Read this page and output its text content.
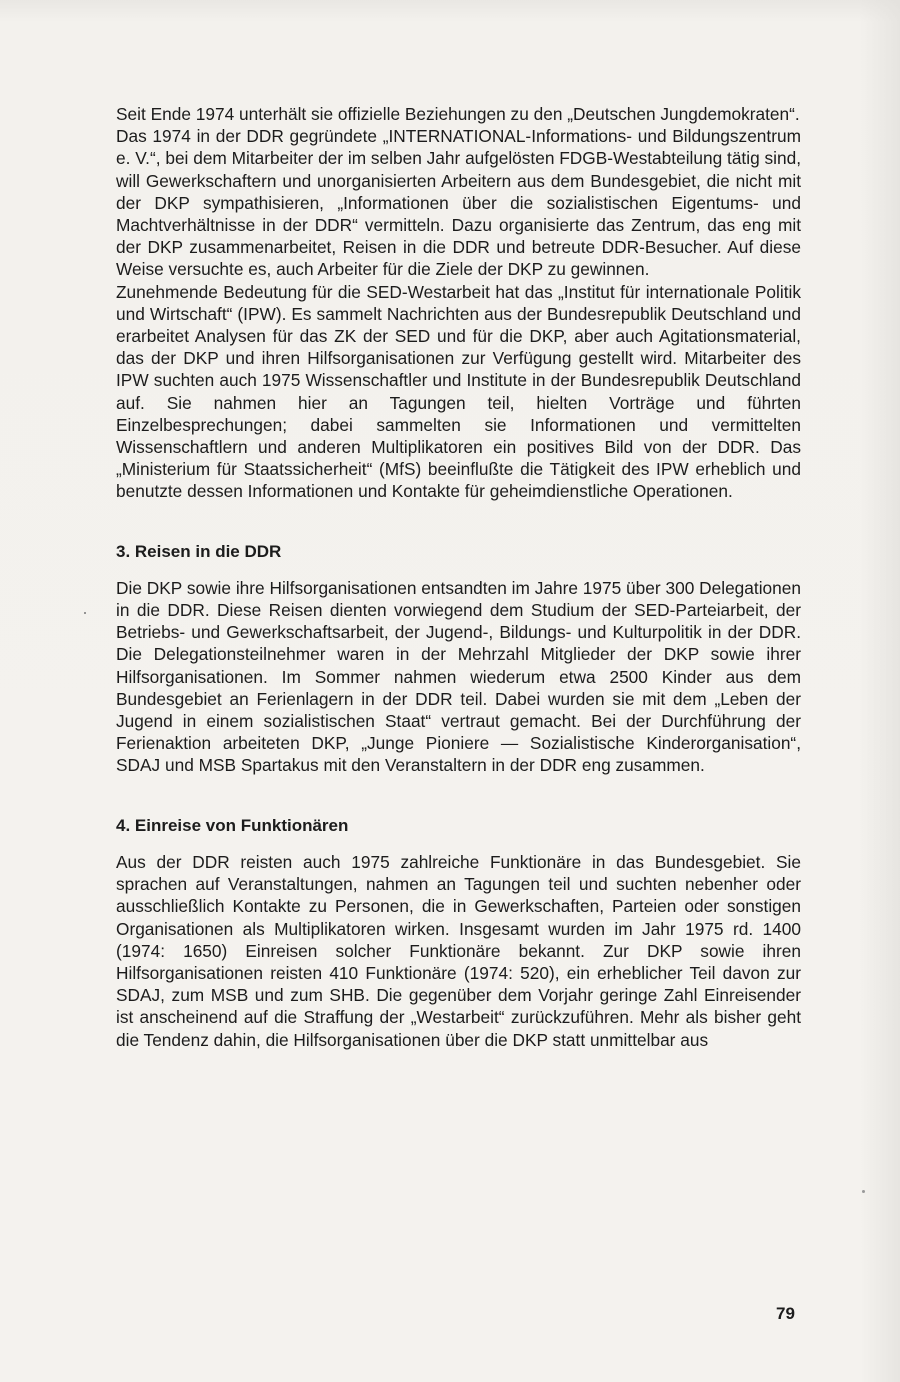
Seit Ende 1974 unterhält sie offizielle Beziehungen zu den „Deutschen Jungdemokraten“.

Das 1974 in der DDR gegründete „INTERNATIONAL-Informations- und Bildungszentrum e. V.“, bei dem Mitarbeiter der im selben Jahr aufgelösten FDGB-Westabteilung tätig sind, will Gewerkschaftern und unorganisierten Arbeitern aus dem Bundesgebiet, die nicht mit der DKP sympathisieren, „Informationen über die sozialistischen Eigentums- und Machtverhältnisse in der DDR“ vermitteln. Dazu organisierte das Zentrum, das eng mit der DKP zusammenarbeitet, Reisen in die DDR und betreute DDR-Besucher. Auf diese Weise versuchte es, auch Arbeiter für die Ziele der DKP zu gewinnen.

Zunehmende Bedeutung für die SED-Westarbeit hat das „Institut für internationale Politik und Wirtschaft“ (IPW). Es sammelt Nachrichten aus der Bundesrepublik Deutschland und erarbeitet Analysen für das ZK der SED und für die DKP, aber auch Agitationsmaterial, das der DKP und ihren Hilfsorganisationen zur Verfügung gestellt wird. Mitarbeiter des IPW suchten auch 1975 Wissenschaftler und Institute in der Bundesrepublik Deutschland auf. Sie nahmen hier an Tagungen teil, hielten Vorträge und führten Einzelbesprechungen; dabei sammelten sie Informationen und vermittelten Wissenschaftlern und anderen Multiplikatoren ein positives Bild von der DDR. Das „Ministerium für Staatssicherheit“ (MfS) beeinflußte die Tätigkeit des IPW erheblich und benutzte dessen Informationen und Kontakte für geheimdienstliche Operationen.

3. Reisen in die DDR

Die DKP sowie ihre Hilfsorganisationen entsandten im Jahre 1975 über 300 Delegationen in die DDR. Diese Reisen dienten vorwiegend dem Studium der SED-Parteiarbeit, der Betriebs- und Gewerkschaftsarbeit, der Jugend-, Bildungs- und Kulturpolitik in der DDR. Die Delegationsteilnehmer waren in der Mehrzahl Mitglieder der DKP sowie ihrer Hilfsorganisationen. Im Sommer nahmen wiederum etwa 2500 Kinder aus dem Bundesgebiet an Ferienlagern in der DDR teil. Dabei wurden sie mit dem „Leben der Jugend in einem sozialistischen Staat“ vertraut gemacht. Bei der Durchführung der Ferienaktion arbeiteten DKP, „Junge Pioniere — Sozialistische Kinderorganisation“, SDAJ und MSB Spartakus mit den Veranstaltern in der DDR eng zusammen.

4. Einreise von Funktionären

Aus der DDR reisten auch 1975 zahlreiche Funktionäre in das Bundesgebiet. Sie sprachen auf Veranstaltungen, nahmen an Tagungen teil und suchten nebenher oder ausschließlich Kontakte zu Personen, die in Gewerkschaften, Parteien oder sonstigen Organisationen als Multiplikatoren wirken. Insgesamt wurden im Jahr 1975 rd. 1400 (1974: 1650) Einreisen solcher Funktionäre bekannt. Zur DKP sowie ihren Hilfsorganisationen reisten 410 Funktionäre (1974: 520), ein erheblicher Teil davon zur SDAJ, zum MSB und zum SHB. Die gegenüber dem Vorjahr geringe Zahl Einreisender ist anscheinend auf die Straffung der „Westarbeit“ zurückzuführen. Mehr als bisher geht die Tendenz dahin, die Hilfsorganisationen über die DKP statt unmittelbar aus

79
